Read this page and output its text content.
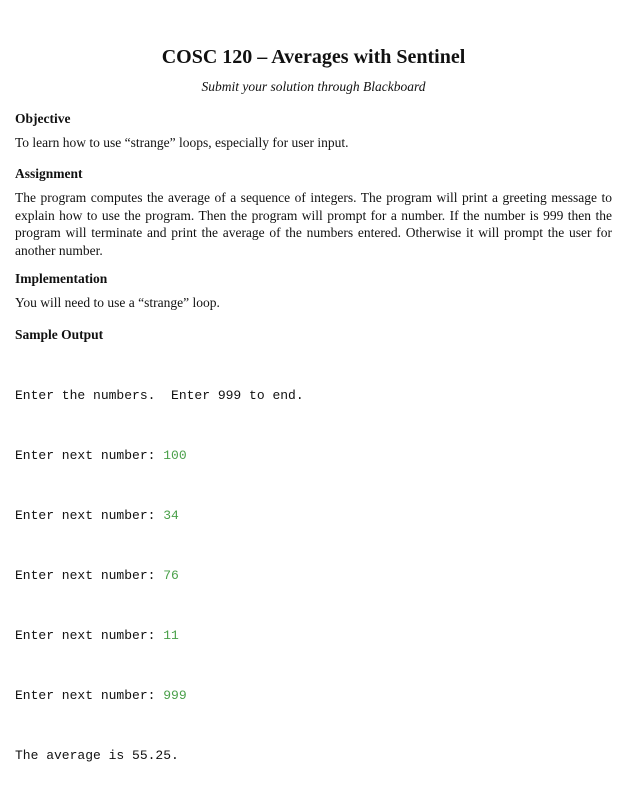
COSC 120 – Averages with Sentinel
Submit your solution through Blackboard

Objective

To learn how to use “strange” loops, especially for user input.

Assignment

The program computes the average of a sequence of integers. The program will print a greeting message to explain how to use the program. Then the program will prompt for a number. If the number is 999 then the program will terminate and print the average of the numbers entered. Otherwise it will prompt the user for another number.

Implementation

You will need to use a “strange” loop.

Sample Output

Enter the numbers.  Enter 999 to end.

Enter next number: 100

Enter next number: 34

Enter next number: 76

Enter next number: 11

Enter next number: 999

The average is 55.25.
